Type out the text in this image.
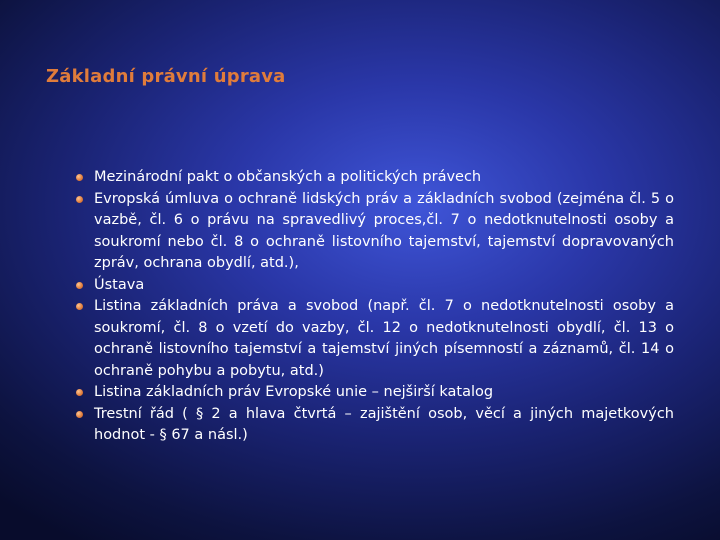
Základní právní úprava
Mezinárodní pakt o občanských a politických právech
Evropská úmluva o ochraně lidských práv a základních svobod (zejména čl. 5 o vazbě, čl. 6 o právu na spravedlivý proces,čl. 7 o nedotknutelnosti osoby a soukromí nebo čl. 8 o ochraně listovního tajemství, tajemství dopravovaných zpráv, ochrana obydlí, atd.),
Ústava
Listina základních práva a svobod (např. čl. 7 o nedotknutelnosti osoby a soukromí, čl. 8 o vzetí do vazby, čl. 12 o nedotknutelnosti obydlí, čl. 13 o ochraně listovního tajemství a tajemství jiných písemností a záznamů, čl. 14 o ochraně pohybu a pobytu, atd.)
Listina základních práv Evropské unie – nejširší katalog
Trestní řád ( § 2 a hlava čtvrtá – zajištění osob, věcí a jiných majetkových hodnot - § 67 a násl.)
